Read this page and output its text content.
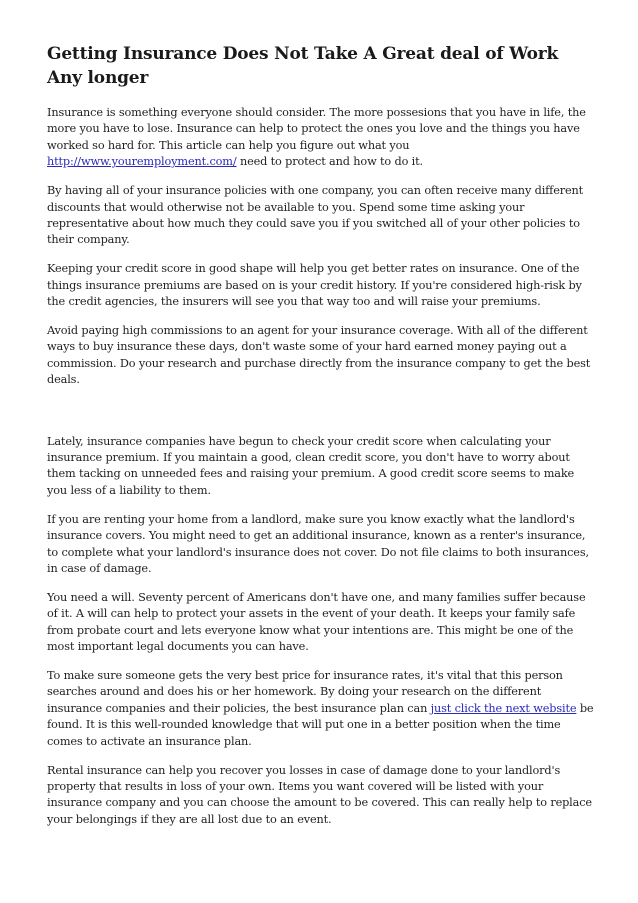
Getting Insurance Does Not Take A Great deal of Work Any longer

Insurance is something everyone should consider. The more possesions that you have in life, the more you have to lose. Insurance can help to protect the ones you love and the things you have worked so hard for. This article can help you figure out what you http://www.youremployment.com/ need to protect and how to do it.

By having all of your insurance policies with one company, you can often receive many different discounts that would otherwise not be available to you. Spend some time asking your representative about how much they could save you if you switched all of your other policies to their company.

Keeping your credit score in good shape will help you get better rates on insurance. One of the things insurance premiums are based on is your credit history. If you're considered high-risk by the credit agencies, the insurers will see you that way too and will raise your premiums.

Avoid paying high commissions to an agent for your insurance coverage. With all of the different ways to buy insurance these days, don't waste some of your hard earned money paying out a commission. Do your research and purchase directly from the insurance company to get the best deals.

Lately, insurance companies have begun to check your credit score when calculating your insurance premium. If you maintain a good, clean credit score, you don't have to worry about them tacking on unneeded fees and raising your premium. A good credit score seems to make you less of a liability to them.

If you are renting your home from a landlord, make sure you know exactly what the landlord's insurance covers. You might need to get an additional insurance, known as a renter's insurance, to complete what your landlord's insurance does not cover. Do not file claims to both insurances, in case of damage.

You need a will. Seventy percent of Americans don't have one, and many families suffer because of it. A will can help to protect your assets in the event of your death. It keeps your family safe from probate court and lets everyone know what your intentions are. This might be one of the most important legal documents you can have.

To make sure someone gets the very best price for insurance rates, it's vital that this person searches around and does his or her homework. By doing your research on the different insurance companies and their policies, the best insurance plan can just click the next website be found. It is this well-rounded knowledge that will put one in a better position when the time comes to activate an insurance plan.

Rental insurance can help you recover you losses in case of damage done to your landlord's property that results in loss of your own. Items you want covered will be listed with your insurance company and you can choose the amount to be covered. This can really help to replace your belongings if they are all lost due to an event.
